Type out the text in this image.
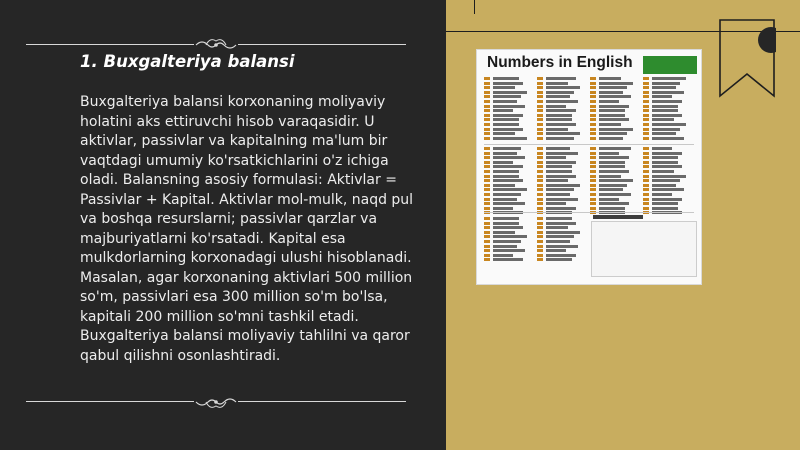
1. Buxgalteriya balansi

Buxgalteriya balansi korxonaning moliyaviy holatini aks ettiruvchi hisob varaqasidir. U aktivlar, passivlar va kapitalning ma'lum bir vaqtdagi umumiy ko'rsatkichlarini o'z ichiga oladi. Balansning asosiy formulasi: Aktivlar = Passivlar + Kapital. Aktivlar mol-mulk, naqd pul va boshqa resurslarni; passivlar qarzlar va majburiyatlarni ko'rsatadi. Kapital esa mulkdorlarning korxonadagi ulushi hisoblanadi. Masalan, agar korxonaning aktivlari 500 million so'm, passivlari esa 300 million so'm bo'lsa, kapitali 200 million so'mni tashkil etadi. Buxgalteriya balansi moliyaviy tahlilni va qaror qabul qilishni osonlashtiradi.

Numbers in English
